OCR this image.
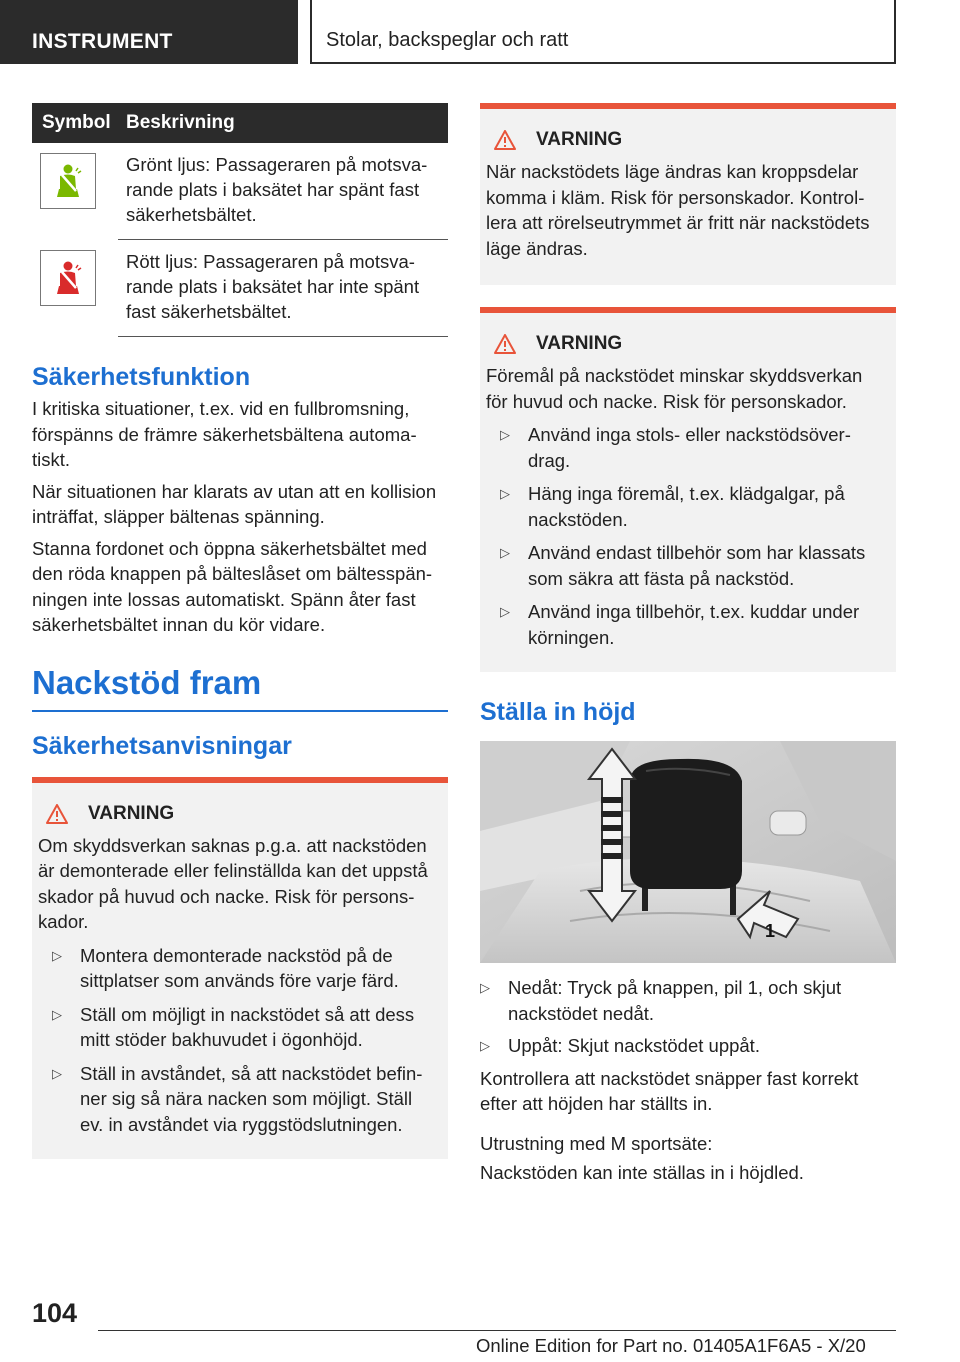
INSTRUMENT	Stolar, backspeglar och ratt
Symbol	Beskrivning

	Grönt ljus: Passageraren på motsvarande plats i baksätet har spänt fast säkerhetsbältet.

	Rött ljus: Passageraren på motsvarande plats i baksätet har inte spänt fast säkerhetsbältet.
Säkerhetsfunktion

I kritiska situationer, t.ex. vid en fullbromsning, förspänns de främre säkerhetsbältena automatiskt.

När situationen har klarats av utan att en kollision inträffat, släpper bältenas spänning.

Stanna fordonet och öppna säkerhetsbältet med den röda knappen på bälteslåset om bältesspänningen inte lossas automatiskt. Spänn åter fast säkerhetsbältet innan du kör vidare.

Nackstöd fram
Säkerhetsanvisningar
VARNING

Om skyddsverkan saknas p.g.a. att nackstöden är demonterade eller felinställda kan det uppstå skador på huvud och nacke. Risk för personskador.

▷ Montera demonterade nackstöd på de sittplatser som används före varje färd.
▷ Ställ om möjligt in nackstödet så att dess mitt stöder bakhuvudet i ögonhöjd.
▷ Ställ in avståndet, så att nackstödet befinner sig så nära nacken som möjligt. Ställ ev. in avståndet via ryggstödslutningen.
VARNING

När nackstödets läge ändras kan kroppsdelar komma i kläm. Risk för personskador. Kontrollera att rörelseutrymmet är fritt när nackstödets läge ändras.

VARNING

Föremål på nackstödet minskar skyddsverkan för huvud och nacke. Risk för personskador.

▷ Använd inga stols- eller nackstödsöverdrag.
▷ Häng inga föremål, t.ex. klädgalgar, på nackstöden.
▷ Använd endast tillbehör som har klassats som säkra att fästa på nackstöd.
▷ Använd inga tillbehör, t.ex. kuddar under körningen.
Ställa in höjd
1
▷ Nedåt: Tryck på knappen, pil 1, och skjut nackstödet nedåt.
▷ Uppåt: Skjut nackstödet uppåt.

Kontrollera att nackstödet snäpper fast korrekt efter att höjden har ställts in.

Utrustning med M sportsäte:

Nackstöden kan inte ställas in i höjdled.

104
Online Edition for Part no. 01405A1F6A5 - X/20
